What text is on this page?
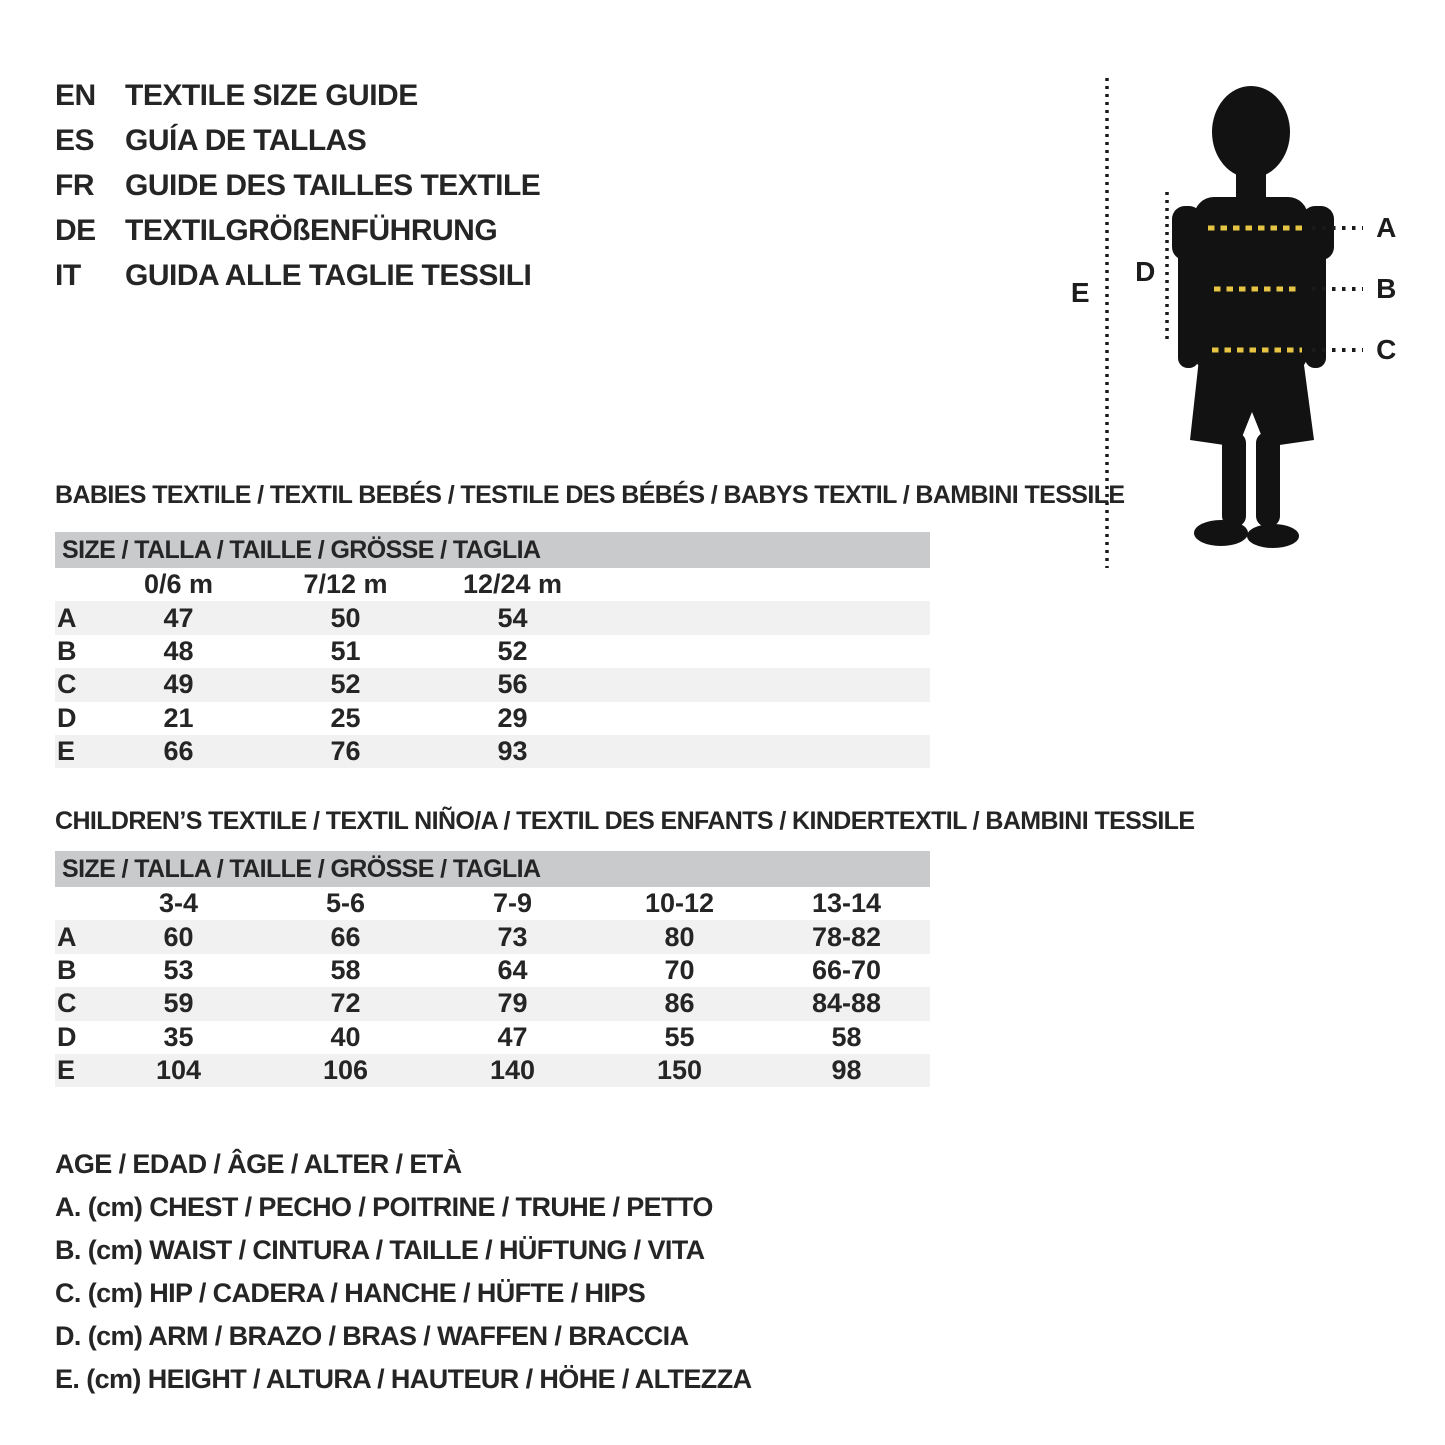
EN TEXTILE SIZE GUIDE
ES	GUÍA DE TALLAS
FR	GUIDE DES TAILLES TEXTILE
DE TEXTILGRÖßENFÜHRUNG
IT	GUIDA ALLE TAGLIE TESSILI
A
B
C
D
E
BABIES TEXTILE / TEXTIL BEBÉS / TESTILE DES BÉBÉS / BABYS TEXTIL / BAMBINI TESSILE
SIZE / TALLA / TAILLE / GRÖSSE / TAGLIA
0/6 m	7/12 m	12/24 m
A	47	50	54
B	48	51	52
C	49	52	56
D	21	25	29
E	66	76	93
CHILDREN’S TEXTILE / TEXTIL NIÑO/A / TEXTIL DES ENFANTS / KINDERTEXTIL / BAMBINI TESSILE
SIZE / TALLA / TAILLE / GRÖSSE / TAGLIA
3-4	5-6	7-9	10-12	13-14
A	60	66	73	80	78-82
B	53	58	64	70	66-70
C	59	72	79	86	84-88
D	35	40	47	55	58
E	104	106	140	150	98
AGE / EDAD / ÂGE / ALTER / ETÀ
A. (cm) CHEST / PECHO / POITRINE / TRUHE / PETTO
B. (cm) WAIST / CINTURA / TAILLE / HÜFTUNG / VITA
C. (cm) HIP / CADERA / HANCHE / HÜFTE / HIPS
D. (cm) ARM / BRAZO / BRAS / WAFFEN / BRACCIA
E. (cm) HEIGHT / ALTURA / HAUTEUR / HÖHE / ALTEZZA
